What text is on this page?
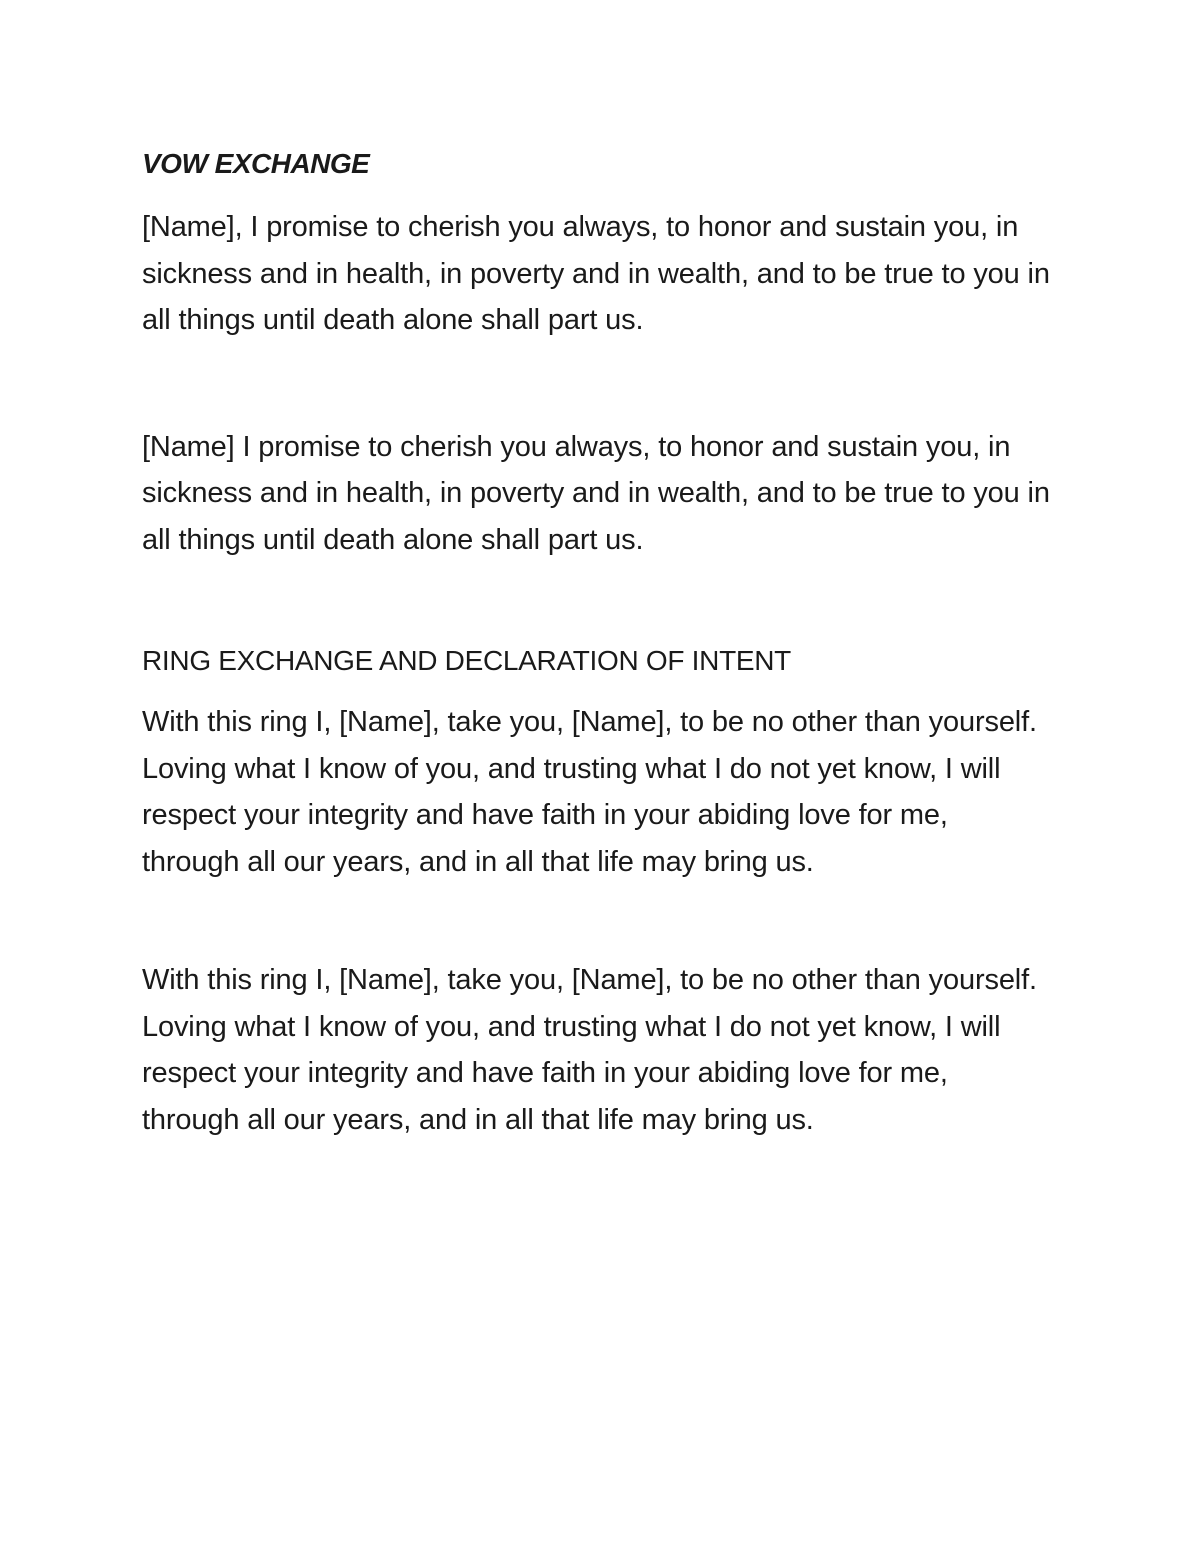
VOW EXCHANGE

[Name], I promise to cherish you always, to honor and sustain you, in sickness and in health, in poverty and in wealth, and to be true to you in all things until death alone shall part us.

[Name] I promise to cherish you always, to honor and sustain you, in sickness and in health, in poverty and in wealth, and to be true to you in all things until death alone shall part us.

RING EXCHANGE AND DECLARATION OF INTENT

With this ring I, [Name], take you, [Name], to be no other than yourself. Loving what I know of you, and trusting what I do not yet know, I will respect your integrity and have faith in your abiding love for me, through all our years, and in all that life may bring us.

With this ring I, [Name], take you, [Name], to be no other than yourself. Loving what I know of you, and trusting what I do not yet know, I will respect your integrity and have faith in your abiding love for me, through all our years, and in all that life may bring us.
